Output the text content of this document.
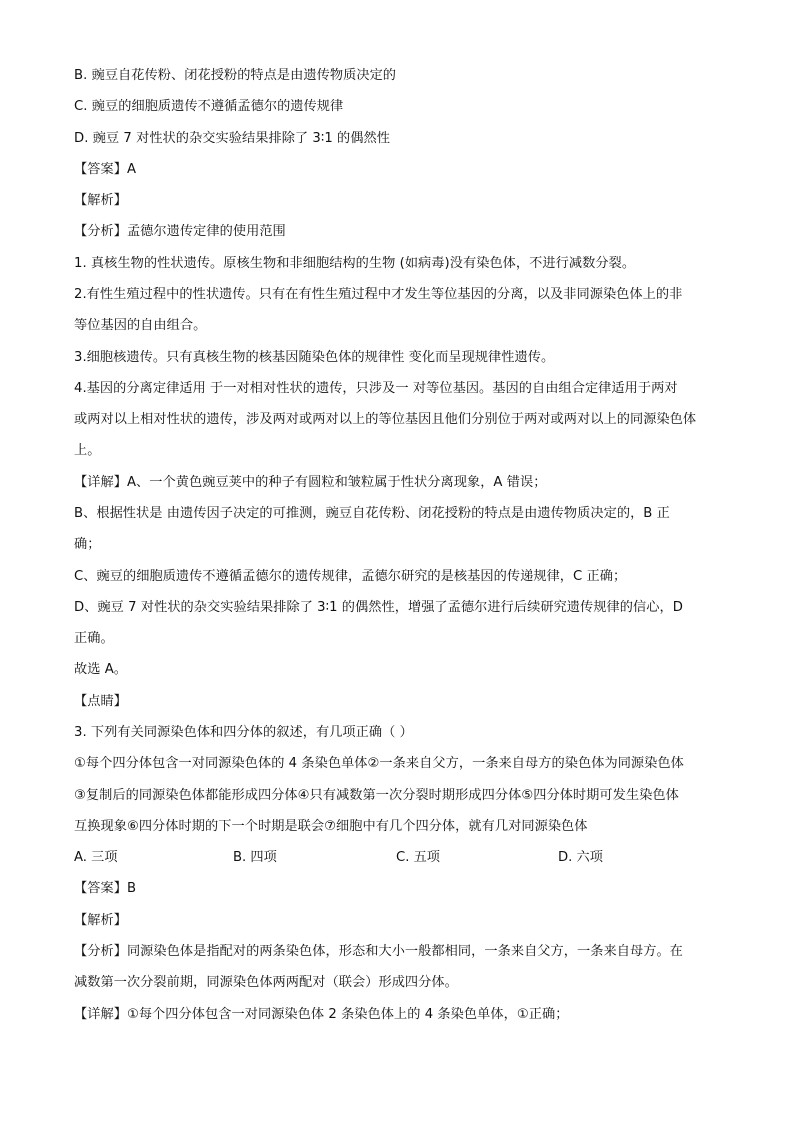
B. 豌豆自花传粉、闭花授粉的特点是由遗传物质决定的
C. 豌豆的细胞质遗传不遵循孟德尔的遗传规律
D. 豌豆 7 对性状的杂交实验结果排除了 3∶1 的偶然性
【答案】A
【解析】
【分析】孟德尔遗传定律的使用范围
1. 真核生物的性状遗传。原核生物和非细胞结构的生物 (如病毒)没有染色体，不进行减数分裂。
2.有性生殖过程中的性状遗传。只有在有性生殖过程中才发生等位基因的分离，以及非同源染色体上的非
等位基因的自由组合。
3.细胞核遗传。只有真核生物的核基因随染色体的规律性 变化而呈现规律性遗传。
4.基因的分离定律适用 于一对相对性状的遗传，只涉及一 对等位基因。基因的自由组合定律适用于两对
或两对以上相对性状的遗传，涉及两对或两对以上的等位基因且他们分别位于两对或两对以上的同源染色体
上。
【详解】A、一个黄色豌豆荚中的种子有圆粒和皱粒属于性状分离现象，A 错误；
B、根据性状是 由遗传因子决定的可推测，豌豆自花传粉、闭花授粉的特点是由遗传物质决定的，B 正
确；
C、豌豆的细胞质遗传不遵循孟德尔的遗传规律，孟德尔研究的是核基因的传递规律，C 正确；
D、豌豆 7 对性状的杂交实验结果排除了 3∶1 的偶然性，增强了孟德尔进行后续研究遗传规律的信心，D
正确。
故选 A。
【点睛】
3. 下列有关同源染色体和四分体的叙述，有几项正确（ ）
①每个四分体包含一对同源染色体的 4 条染色单体②一条来自父方，一条来自母方的染色体为同源染色体
③复制后的同源染色体都能形成四分体④只有减数第一次分裂时期形成四分体⑤四分体时期可发生染色体
互换现象⑥四分体时期的下一个时期是联会⑦细胞中有几个四分体，就有几对同源染色体
A. 三项	B. 四项	C. 五项	D. 六项
【答案】B
【解析】
【分析】同源染色体是指配对的两条染色体，形态和大小一般都相同，一条来自父方，一条来自母方。在
减数第一次分裂前期，同源染色体两两配对（联会）形成四分体。
【详解】①每个四分体包含一对同源染色体 2 条染色体上的 4 条染色单体，①正确；
